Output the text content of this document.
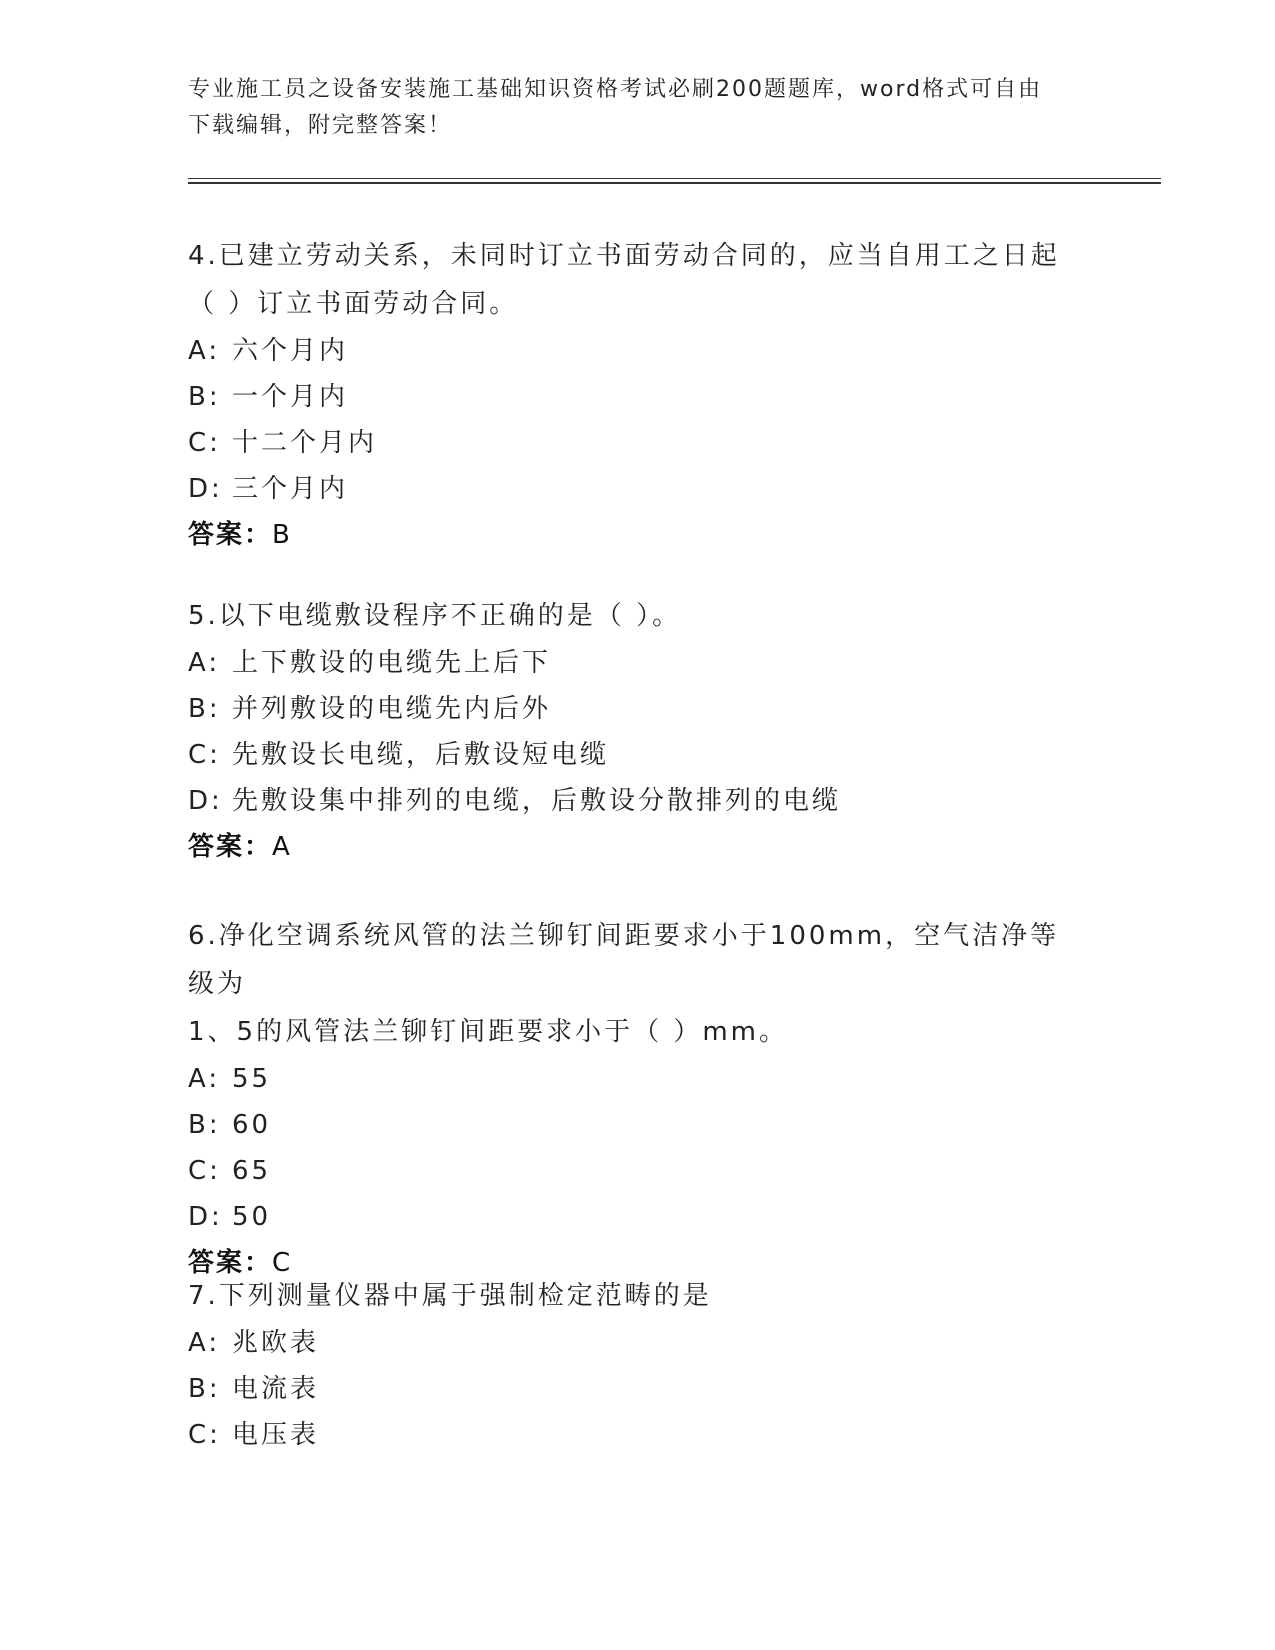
专业施工员之设备安装施工基础知识资格考试必刷200题题库，word格式可自由
下载编辑，附完整答案！

4.已建立劳动关系，未同时订立书面劳动合同的，应当自用工之日起

（ ）订立书面劳动合同。

A: 六个月内

B: 一个月内

C: 十二个月内

D: 三个月内

答案：B

5.以下电缆敷设程序不正确的是（ ）。

A: 上下敷设的电缆先上后下

B: 并列敷设的电缆先内后外

C: 先敷设长电缆，后敷设短电缆

D: 先敷设集中排列的电缆，后敷设分散排列的电缆

答案：A

6.净化空调系统风管的法兰铆钉间距要求小于100mm，空气洁净等级为

1、5的风管法兰铆钉间距要求小于（ ）mm。

A: 55

B: 60

C: 65

D: 50

答案：C

7.下列测量仪器中属于强制检定范畴的是

A: 兆欧表

B: 电流表

C: 电压表
